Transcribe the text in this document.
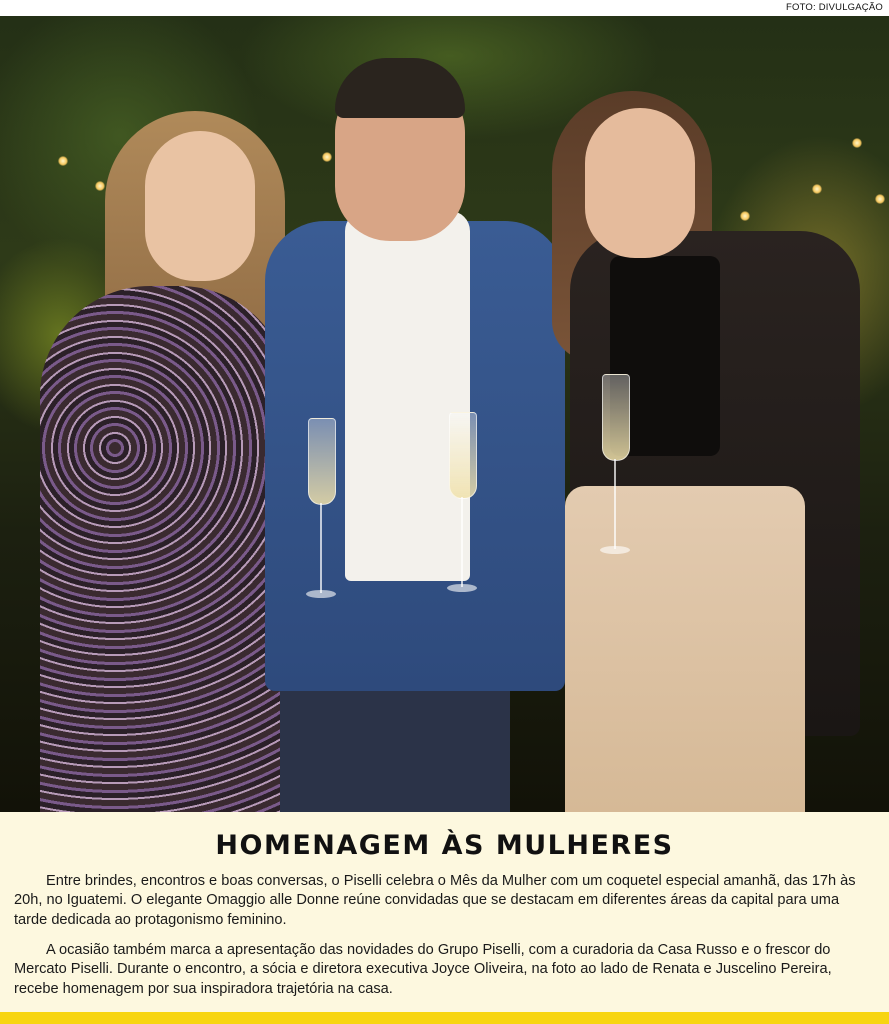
FOTO: DIVULGAÇÃO
HOMENAGEM ÀS MULHERES

Entre brindes, encontros e boas conversas, o Piselli celebra o Mês da Mulher com um coquetel especial amanhã, das 17h às 20h, no Iguatemi. O elegante Omaggio alle Donne reúne convidadas que se destacam em diferentes áreas da capital para uma tarde dedicada ao protagonismo feminino.

A ocasião também marca a apresentação das novidades do Grupo Piselli, com a curadoria da Casa Russo e o frescor do Mercato Piselli. Durante o encontro, a sócia e diretora executiva Joyce Oliveira, na foto ao lado de Renata e Juscelino Pereira, recebe homenagem por sua inspiradora trajetória na casa.
